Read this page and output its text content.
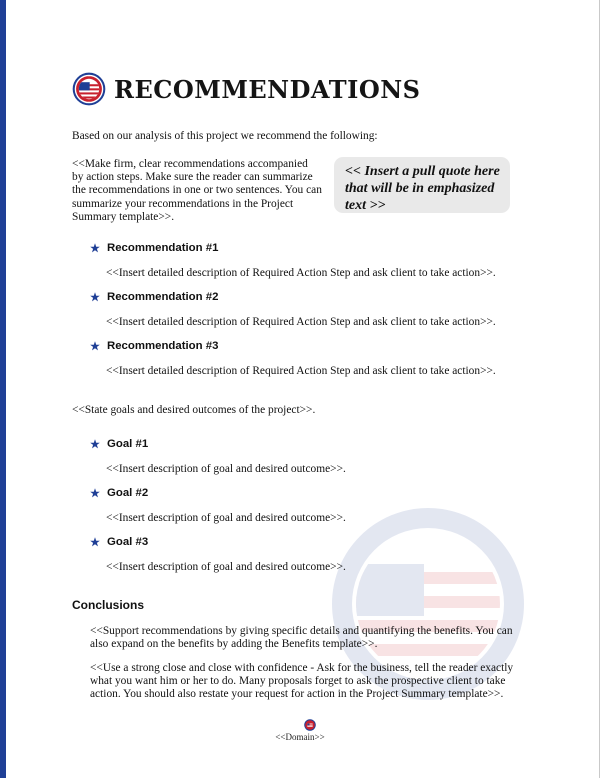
RECOMMENDATIONS

Based on our analysis of this project we recommend the following:

<<Make firm, clear recommendations accompanied by action steps. Make sure the reader can summarize the recommendations in one or two sentences. You can summarize your recommendations in the Project Summary template>>.

<< Insert a pull quote here that will be in emphasized text >>
Recommendation #1
<<Insert detailed description of Required Action Step and ask client to take action>>.
Recommendation #2
<<Insert detailed description of Required Action Step and ask client to take action>>.
Recommendation #3
<<Insert detailed description of Required Action Step and ask client to take action>>.

<<State goals and desired outcomes of the project>>.

Goal #1
<<Insert description of goal and desired outcome>>.
Goal #2
<<Insert description of goal and desired outcome>>.
Goal #3
<<Insert description of goal and desired outcome>>.
Conclusions

<<Support recommendations by giving specific details and quantifying the benefits. You can also expand on the benefits by adding the Benefits template>>.

<<Use a strong close and close with confidence - Ask for the business, tell the reader exactly what you want him or her to do. Many proposals forget to ask the prospective client to take action. You should also restate your request for action in the Project Summary template>>.

<<Domain>>
